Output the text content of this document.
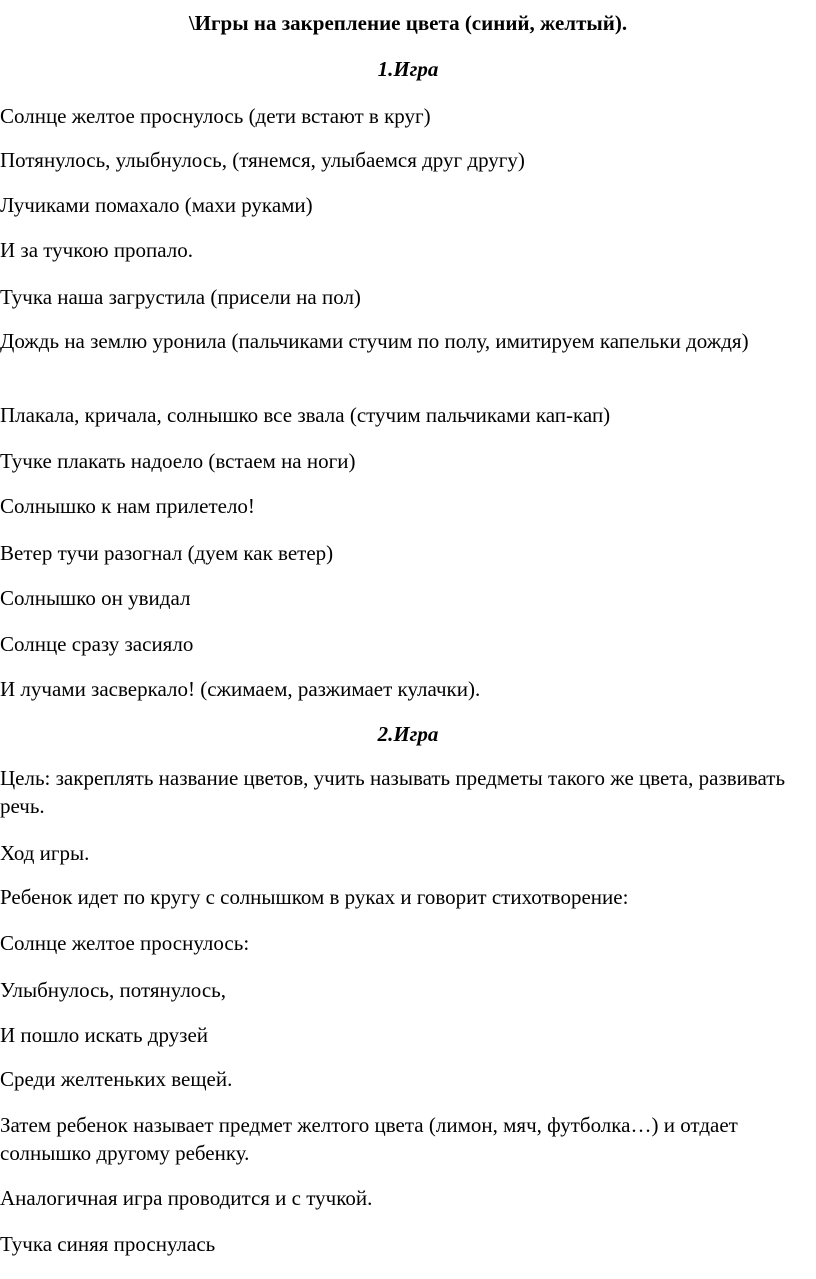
\Игры на закрепление цвета (синий, желтый).
1.Игра
Солнце желтое проснулось (дети встают в круг)
Потянулось, улыбнулось, (тянемся, улыбаемся друг другу)
Лучиками помахало (махи руками)
И за тучкою пропало.
Тучка наша загрустила (присели на пол)
Дождь на землю уронила (пальчиками стучим по полу, имитируем капельки дождя)
Плакала, кричала, солнышко все звала (стучим пальчиками кап-кап)
Тучке плакать надоело (встаем на ноги)
Солнышко к нам прилетело!
Ветер тучи разогнал (дуем как ветер)
Солнышко он увидал
Солнце сразу засияло
И лучами засверкало! (сжимаем, разжимает кулачки).
2.Игра
Цель: закреплять название цветов, учить называть предметы такого же цвета, развивать речь.
Ход игры.
Ребенок идет по кругу с солнышком в руках и говорит стихотворение:
Солнце желтое проснулось:
Улыбнулось, потянулось,
И пошло искать друзей
Среди желтеньких вещей.
Затем ребенок называет предмет желтого цвета (лимон, мяч, футболка…) и отдает солнышко другому ребенку.
Аналогичная игра проводится и с тучкой.
Тучка синяя проснулась
